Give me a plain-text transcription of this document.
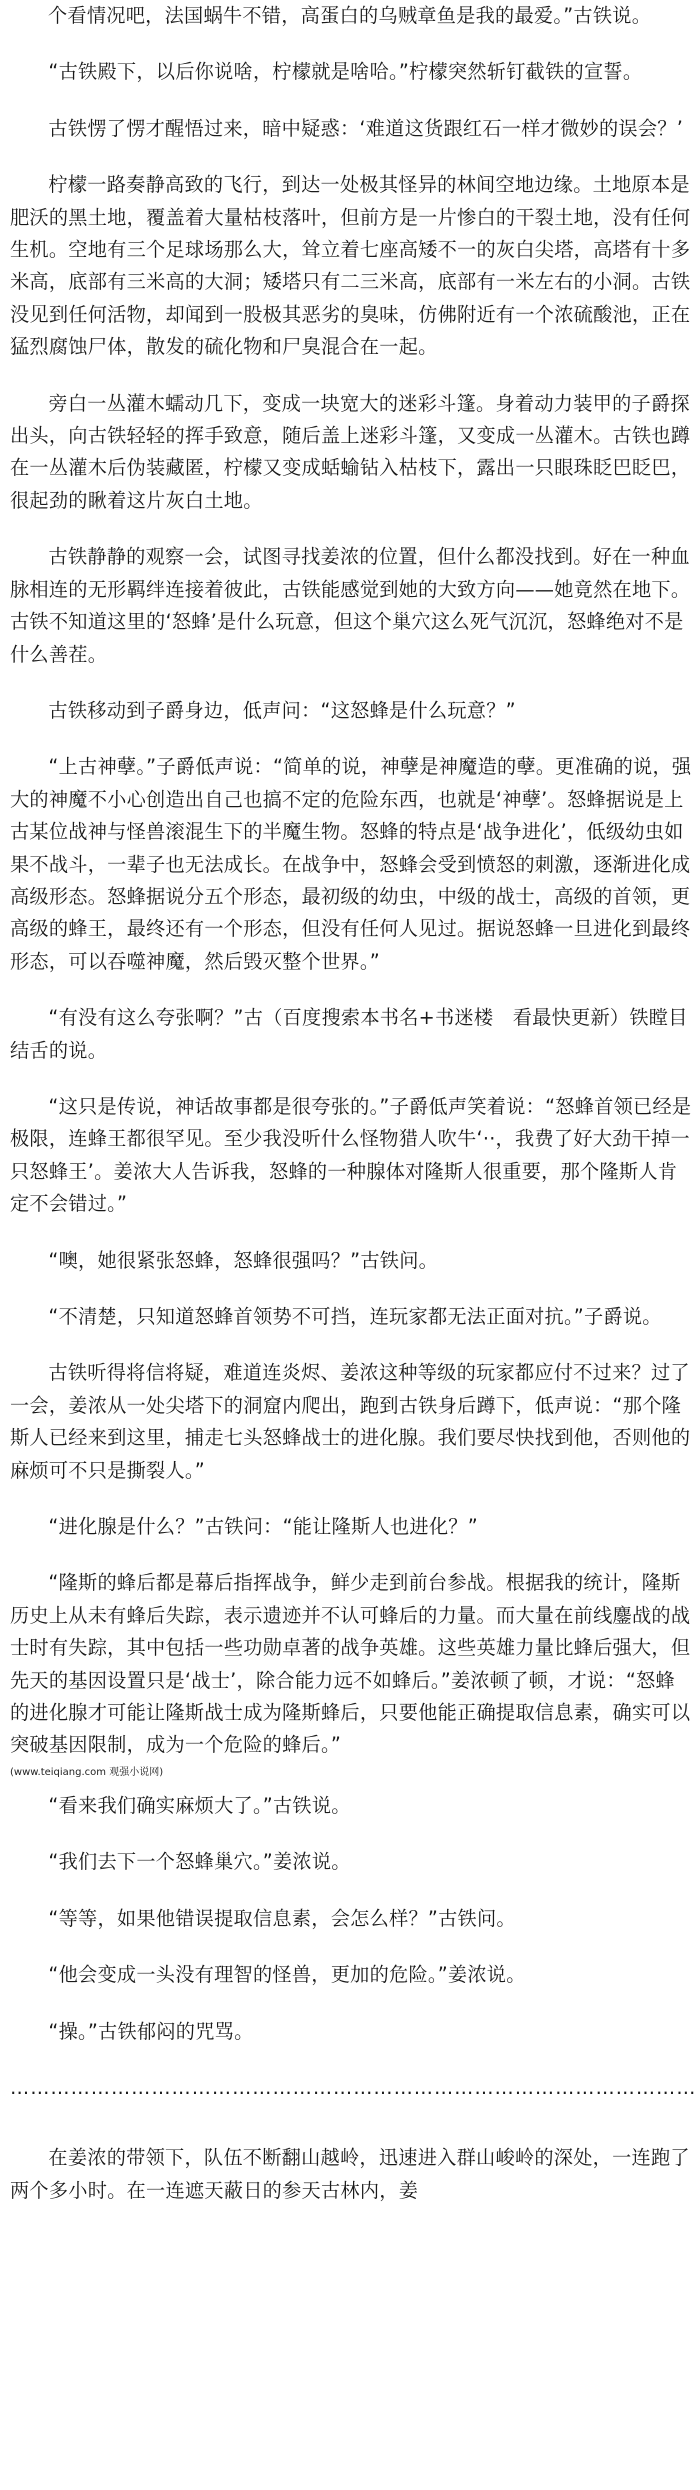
个看情况吧，法国蜗牛不错，高蛋白的乌贼章鱼是我的最爱。”古铁说。

“古铁殿下，以后你说啥，柠檬就是啥哈。”柠檬突然斩钉截铁的宣誓。

古铁愣了愣才醒悟过来，暗中疑惑：‘难道这货跟红石一样才微妙的误会？’

柠檬一路奏静高致的飞行，到达一处极其怪异的林间空地边缘。土地原本是肥沃的黑土地，覆盖着大量枯枝落叶，但前方是一片惨白的干裂土地，没有任何生机。空地有三个足球场那么大，耸立着七座高矮不一的灰白尖塔，高塔有十多米高，底部有三米高的大洞；矮塔只有二三米高，底部有一米左右的小洞。古铁没见到任何活物，却闻到一股极其恶劣的臭味，仿佛附近有一个浓硫酸池，正在猛烈腐蚀尸体，散发的硫化物和尸臭混合在一起。

旁白一丛灌木蠕动几下，变成一块宽大的迷彩斗篷。身着动力装甲的子爵探出头，向古铁轻轻的挥手致意，随后盖上迷彩斗篷，又变成一丛灌木。古铁也蹲在一丛灌木后伪装藏匿，柠檬又变成蛞蝓钻入枯枝下，露出一只眼珠眨巴眨巴，很起劲的瞅着这片灰白土地。

古铁静静的观察一会，试图寻找姜浓的位置，但什么都没找到。好在一种血脉相连的无形羁绊连接着彼此，古铁能感觉到她的大致方向——她竟然在地下。古铁不知道这里的‘怒蜂’是什么玩意，但这个巢穴这么死气沉沉，怒蜂绝对不是什么善茬。

古铁移动到子爵身边，低声问：“这怒蜂是什么玩意？”

“上古神孽。”子爵低声说：“简单的说，神孽是神魔造的孽。更准确的说，强大的神魔不小心创造出自己也搞不定的危险东西，也就是‘神孽’。怒蜂据说是上古某位战神与怪兽滚混生下的半魔生物。怒蜂的特点是‘战争进化’，低级幼虫如果不战斗，一辈子也无法成长。在战争中，怒蜂会受到愤怒的刺激，逐渐进化成高级形态。怒蜂据说分五个形态，最初级的幼虫，中级的战士，高级的首领，更高级的蜂王，最终还有一个形态，但没有任何人见过。据说怒蜂一旦进化到最终形态，可以吞噬神魔，然后毁灭整个世界。”

“有没有这么夸张啊？”古（百度搜索本书名+书迷楼　看最快更新）铁瞠目结舌的说。

“这只是传说，神话故事都是很夸张的。”子爵低声笑着说：“怒蜂首领已经是极限，连蜂王都很罕见。至少我没听什么怪物猎人吹牛‘··，我费了好大劲干掉一只怒蜂王’。姜浓大人告诉我，怒蜂的一种腺体对隆斯人很重要，那个隆斯人肯定不会错过。”

“噢，她很紧张怒蜂，怒蜂很强吗？”古铁问。

“不清楚，只知道怒蜂首领势不可挡，连玩家都无法正面对抗。”子爵说。

古铁听得将信将疑，难道连炎烬、姜浓这种等级的玩家都应付不过来？过了一会，姜浓从一处尖塔下的洞窟内爬出，跑到古铁身后蹲下，低声说：“那个隆斯人已经来到这里，捕走七头怒蜂战士的进化腺。我们要尽快找到他，否则他的麻烦可不只是撕裂人。”

“进化腺是什么？”古铁问：“能让隆斯人也进化？”

“隆斯的蜂后都是幕后指挥战争，鲜少走到前台参战。根据我的统计，隆斯历史上从未有蜂后失踪，表示遗迹并不认可蜂后的力量。而大量在前线鏖战的战士时有失踪，其中包括一些功勋卓著的战争英雄。这些英雄力量比蜂后强大，但先天的基因设置只是‘战士’，除合能力远不如蜂后。”姜浓顿了顿，才说：“怒蜂的进化腺才可能让隆斯战士成为隆斯蜂后，只要他能正确提取信息素，确实可以突破基因限制，成为一个危险的蜂后。”

(www.teiqiang.com 观强小说网)

“看来我们确实麻烦大了。”古铁说。

“我们去下一个怒蜂巢穴。”姜浓说。

“等等，如果他错误提取信息素，会怎么样？”古铁问。

“他会变成一头没有理智的怪兽，更加的危险。”姜浓说。

“操。”古铁郁闷的咒骂。

…………………………………………………………………………………………

在姜浓的带领下，队伍不断翻山越岭，迅速进入群山峻岭的深处，一连跑了两个多小时。在一连遮天蔽日的参天古林内，姜
